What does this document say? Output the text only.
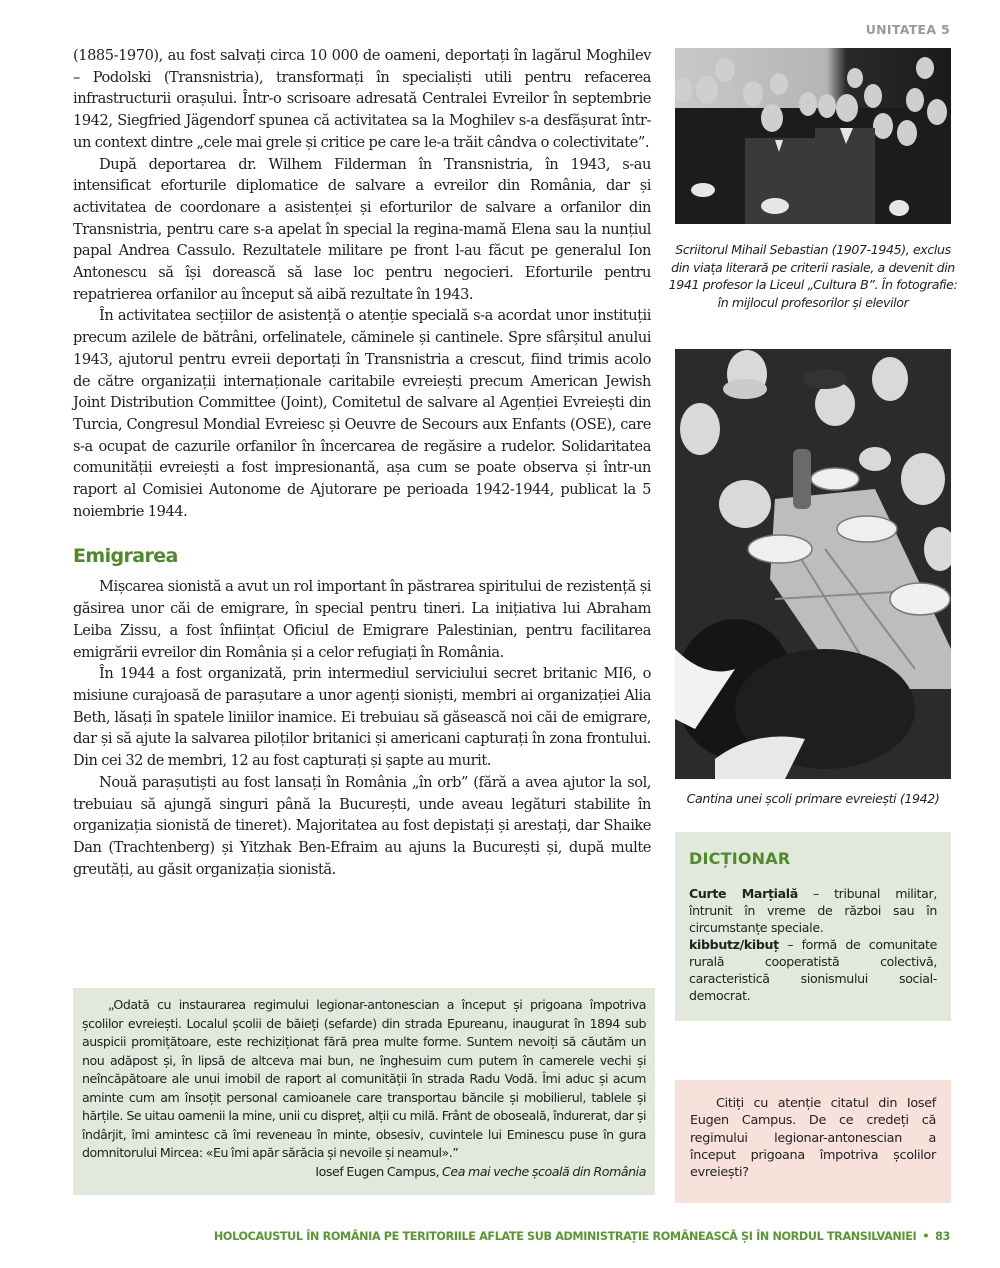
UNITATEA 5

(1885-1970), au fost salvați circa 10 000 de oameni, deportați în lagărul Moghilev – Podolski (Transnistria), transformați în specialiști utili pentru refacerea infrastructurii orașului. Într-o scrisoare adresată Centralei Evreilor în septembrie 1942, Siegfried Jägendorf spunea că activitatea sa la Moghilev s-a desfășurat într-un context dintre „cele mai grele și critice pe care le-a trăit cândva o colectivitate”.

După deportarea dr. Wilhem Filderman în Transnistria, în 1943, s-au intensificat eforturile diplomatice de salvare a evreilor din România, dar și activitatea de coordonare a asistenței și eforturilor de salvare a orfanilor din Transnistria, pentru care s-a apelat în special la regina-mamă Elena sau la nunțiul papal Andrea Cassulo. Rezultatele militare pe front l-au făcut pe generalul Ion Antonescu să își dorească să lase loc pentru negocieri. Eforturile pentru repatrierea orfanilor au început să aibă rezultate în 1943.

În activitatea secțiilor de asistență o atenție specială s-a acordat unor instituții precum azilele de bătrâni, orfelinatele, căminele și cantinele. Spre sfârșitul anului 1943, ajutorul pentru evreii deportați în Transnistria a crescut, fiind trimis acolo de către organizații internaționale caritabile evreiești precum American Jewish Joint Distribution Committee (Joint), Comitetul de salvare al Agenției Evreiești din Turcia, Congresul Mondial Evreiesc și Oeuvre de Secours aux Enfants (OSE), care s-a ocupat de cazurile orfanilor în încercarea de regăsire a rudelor. Solidaritatea comunității evreiești a fost impresionantă, așa cum se poate observa și într-un raport al Comisiei Autonome de Ajutorare pe perioada 1942-1944, publicat la 5 noiembrie 1944.

Emigrarea

Mișcarea sionistă a avut un rol important în păstrarea spiritului de rezistență și găsirea unor căi de emigrare, în special pentru tineri. La inițiativa lui Abraham Leiba Zissu, a fost înființat Oficiul de Emigrare Palestinian, pentru facilitarea emigrării evreilor din România și a celor refugiați în România.

În 1944 a fost organizată, prin intermediul serviciului secret britanic MI6, o misiune curajoasă de parașutare a unor agenți sioniști, membri ai organizației Alia Beth, lăsați în spatele liniilor inamice. Ei trebuiau să găsească noi căi de emigrare, dar și să ajute la salvarea piloților britanici și americani capturați în zona frontului. Din cei 32 de membri, 12 au fost capturați și șapte au murit.

Nouă parașutiști au fost lansați în România „în orb” (fără a avea ajutor la sol, trebuiau să ajungă singuri până la București, unde aveau legături stabilite în organizația sionistă de tineret). Majoritatea au fost depistați și arestați, dar Shaike Dan (Trachtenberg) și Yitzhak Ben-Efraim au ajuns la București și, după multe greutăți, au găsit organizația sionistă.

„Odată cu instaurarea regimului legionar-antonescian a început și prigoana împotriva școlilor evreiești. Localul școlii de băieți (sefarde) din strada Epureanu, inaugurat în 1894 sub auspicii promițătoare, este rechiziționat fără prea multe forme. Suntem nevoiți să căutăm un nou adăpost și, în lipsă de altceva mai bun, ne înghesuim cum putem în camerele vechi și neîncăpătoare ale unui imobil de raport al comunității în strada Radu Vodă. Îmi aduc și acum aminte cum am însoțit personal camioanele care transportau băncile și mobilierul, tablele și hărțile. Se uitau oamenii la mine, unii cu dispreț, alții cu milă. Frânt de oboseală, îndurerat, dar și îndârjit, îmi amintesc că îmi reveneau în minte, obsesiv, cuvintele lui Eminescu puse în gura domnitorului Mircea: «Eu îmi apăr sărăcia și nevoile și neamul».”

Iosef Eugen Campus, Cea mai veche școală din România
Scriitorul Mihail Sebastian (1907-1945), exclus din viața literară pe criterii rasiale, a devenit din 1941 profesor la Liceul „Cultura B”. În fotografie: în mijlocul profesorilor și elevilor
Cantina unei școli primare evreiești (1942)
DICȚIONAR

Curte Marțială – tribunal militar, întrunit în vreme de război sau în circumstanțe speciale.

kibbutz/kibuț – formă de comunitate rurală cooperatistă colectivă, caracteristică sionismului social-democrat.

Citiți cu atenție citatul din Iosef Eugen Campus. De ce credeți că regimului legionar-antonescian a început prigoana împotriva școlilor evreiești?

HOLOCAUSTUL ÎN ROMÂNIA PE TERITORIILE AFLATE SUB ADMINISTRAȚIE ROMÂNEASCĂ ȘI ÎN NORDUL TRANSILVANIEI • 83
